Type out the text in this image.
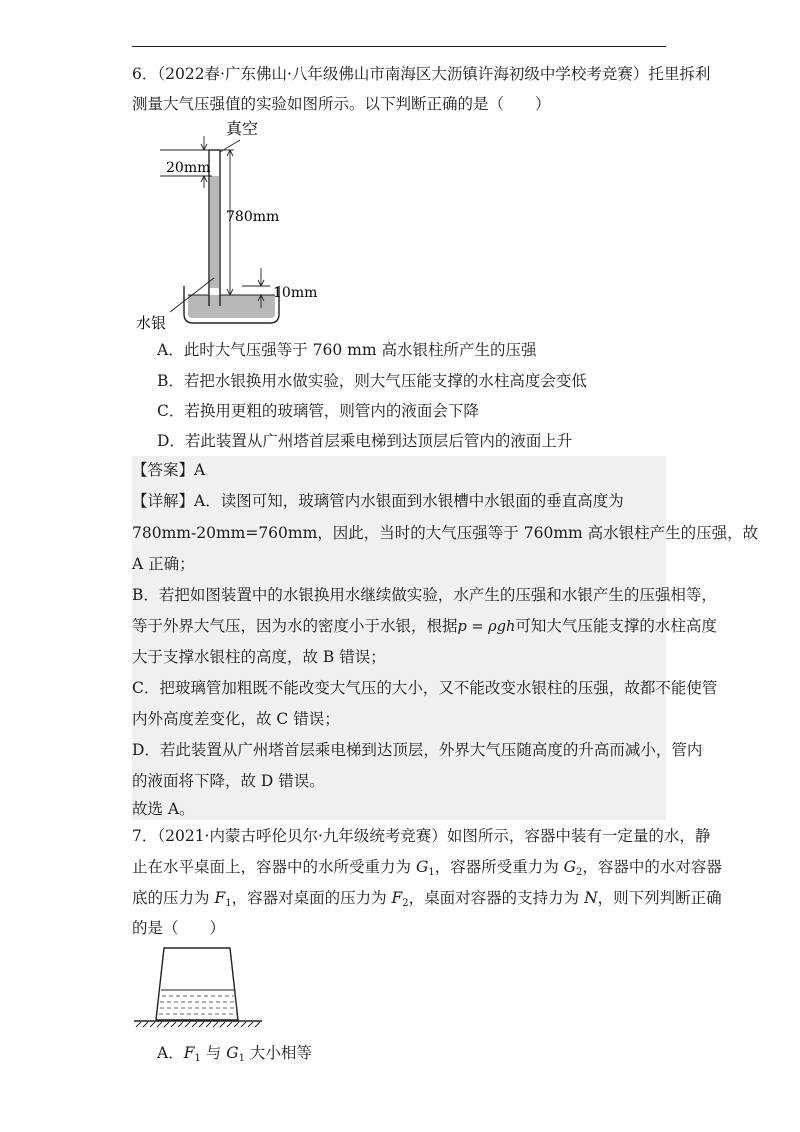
6．（2022春·广东佛山·八年级佛山市南海区大沥镇许海初级中学校考竞赛）托里拆利
测量大气压强值的实验如图所示。以下判断正确的是（　　）
20mm
真空
780mm
10mm
水银
A．此时大气压强等于 760 mm 高水银柱所产生的压强
B．若把水银换用水做实验，则大气压能支撑的水柱高度会变低
C．若换用更粗的玻璃管，则管内的液面会下降
D．若此装置从广州塔首层乘电梯到达顶层后管内的液面上升
【答案】A
【详解】A．读图可知，玻璃管内水银面到水银槽中水银面的垂直高度为
780mm-20mm=760mm，因此，当时的大气压强等于 760mm 高水银柱产生的压强，故
A 正确；
B．若把如图装置中的水银换用水继续做实验，水产生的压强和水银产生的压强相等，
等于外界大气压，因为水的密度小于水银，根据p = ρgh可知大气压能支撑的水柱高度
大于支撑水银柱的高度，故 B 错误；
C．把玻璃管加粗既不能改变大气压的大小，又不能改变水银柱的压强，故都不能使管
内外高度差变化，故 C 错误；
D．若此装置从广州塔首层乘电梯到达顶层，外界大气压随高度的升高而减小，管内
的液面将下降，故 D 错误。
故选 A。
7．（2021·内蒙古呼伦贝尔·九年级统考竞赛）如图所示，容器中装有一定量的水，静
止在水平桌面上，容器中的水所受重力为 $G_1$，容器所受重力为 $G_2$，容器中的水对容器
底的压力为 $F_1$，容器对桌面的压力为 $F_2$，桌面对容器的支持力为 N，则下列判断正确
的是（　　）
A．$F_1$ 与 $G_1$ 大小相等
